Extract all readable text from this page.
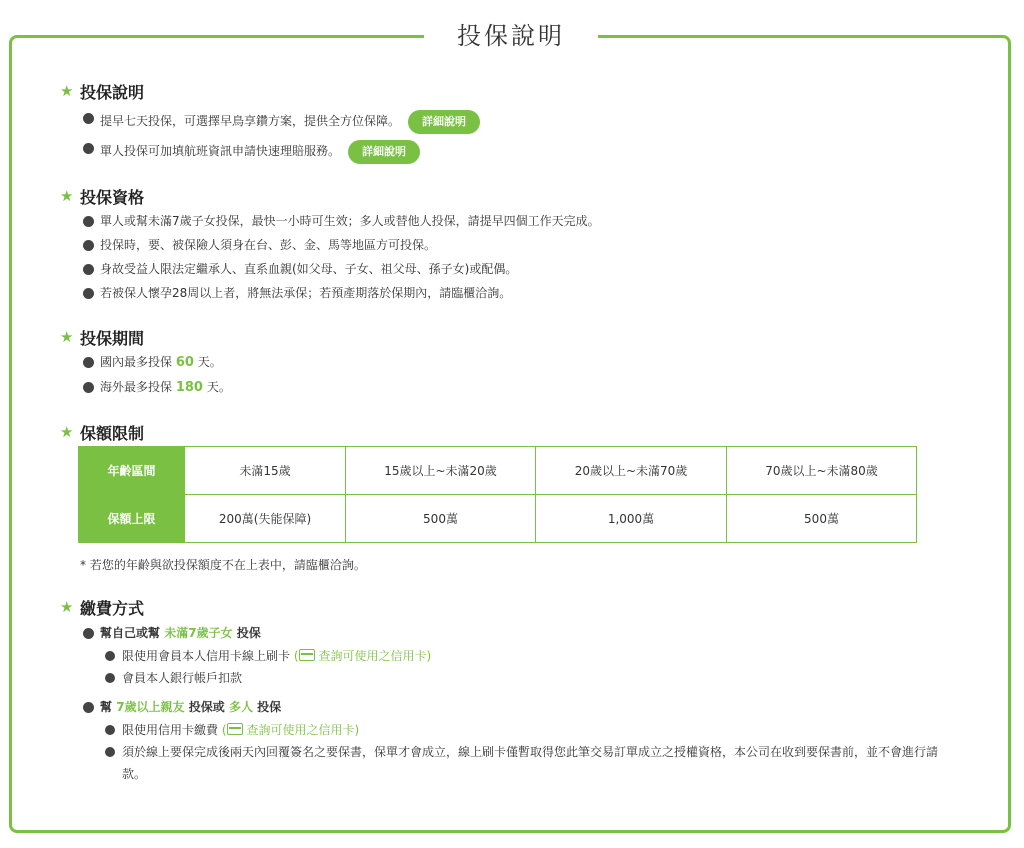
投保說明
★ 投保說明
提早七天投保，可選擇早鳥享鑽方案，提供全方位保障。 詳細說明
單人投保可加填航班資訊申請快速理賠服務。 詳細說明
★ 投保資格
單人或幫未滿7歲子女投保，最快一小時可生效；多人或替他人投保，請提早四個工作天完成。
投保時，要、被保險人須身在台、彭、金、馬等地區方可投保。
身故受益人限法定繼承人、直系血親(如父母、子女、祖父母、孫子女)或配偶。
若被保人懷孕28周以上者，將無法承保；若預產期落於保期內，請臨櫃洽詢。
★ 投保期間
國內最多投保 60 天。
海外最多投保 180 天。
★ 保額限制
年齡區間	未滿15歲	15歲以上~未滿20歲	20歲以上~未滿70歲	70歲以上~未滿80歲
保額上限	200萬(失能保障)	500萬	1,000萬	500萬
* 若您的年齡與欲投保額度不在上表中，請臨櫃洽詢。
★ 繳費方式
幫自己或幫 未滿7歲子女 投保
限使用會員本人信用卡線上刷卡 ( 查詢可使用之信用卡)
會員本人銀行帳戶扣款
幫 7歲以上親友 投保或 多人 投保
限使用信用卡繳費 ( 查詢可使用之信用卡)
須於線上要保完成後兩天內回覆簽名之要保書，保單才會成立，線上刷卡僅暫取得您此筆交易訂單成立之授權資格，本公司在收到要保書前，並不會進行請款。
